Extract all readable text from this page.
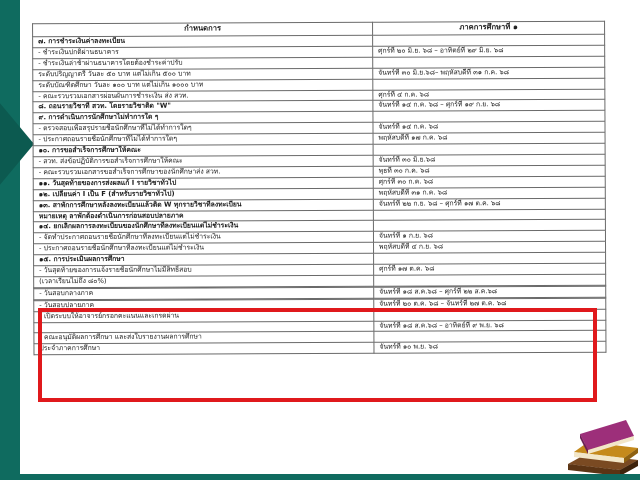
กำหนดการ	ภาคการศึกษาที่ ๑
๗. การชำระเงินค่าลงทะเบียน	
- ชำระเงินปกติผ่านธนาคาร	ศุกร์ที่ ๒๐ มิ.ย. ๖๘ – อาทิตย์ที่ ๒๙ มิ.ย. ๖๘
- ชำระเงินล่าช้าผ่านธนาคารโดยต้องชำระค่าปรับ	
ระดับปริญญาตรี วันละ ๕๐ บาท แต่ไม่เกิน ๕๐๐ บาท	จันทร์ที่ ๓๐ มิ.ย.๖๘– พฤหัสบดีที่ ๓๑ ก.ค. ๖๘
ระดับบัณฑิตศึกษา วันละ ๑๐๐ บาท แต่ไม่เกิน ๑๐๐๐ บาท	
- คณะรวบรวมเอกสารผ่อนผันการชำระเงิน ส่ง สวท.	ศุกร์ที่ ๔ ก.ค. ๖๘
๘. ถอนรายวิชาที่ สวท. โดยรายวิชาติด "W"	จันทร์ที่ ๑๔ ก.ค. ๖๘ – ศุกร์ที่ ๑๙ ก.ย. ๖๘
๙. การดำเนินการนักศึกษาไม่ทำการใด ๆ	
- ตรวจสอบเพื่อสรุปรายชื่อนักศึกษาที่ไม่ได้ทำการใดๆ	จันทร์ที่ ๑๔ ก.ค. ๖๘
- ประกาศถอนรายชื่อนักศึกษาที่ไม่ได้ทำการใดๆ	พฤหัสบดีที่ ๑๗ ก.ค. ๖๘
๑๐. การขอสำเร็จการศึกษาให้คณะ	
- สวท. ส่งข้อปฏิบัติการขอสำเร็จการศึกษาให้คณะ	จันทร์ที่ ๓๐ มิ.ย.๖๘
- คณะรวบรวมเอกสารขอสำเร็จการศึกษาของนักศึกษาส่ง สวท.	พุธที่ ๓๐ ก.ค. ๖๘
๑๑. วันสุดท้ายของการส่งผลแก้ I รายวิชาทั่วไป	ศุกร์ที่ ๓๐ ก.ค. ๖๘
๑๒. เปลี่ยนค่า I เป็น F (สำหรับรายวิชาทั่วไป)	พฤหัสบดีที่ ๓๑ ก.ค. ๖๘
๑๓. สาพักการศึกษาหลังลงทะเบียนแล้วติด W ทุกรายวิชาที่ลงทะเบียน	จันทร์ที่ ๒๒ ก.ย. ๖๘ – ศุกร์ที่ ๑๗ ต.ค. ๖๘
หมายเหตุ ลาพักต้องดำเนินการก่อนสอบปลายภาค	
๑๔. ยกเลิกผลการลงทะเบียนของนักศึกษาที่ลงทะเบียนแต่ไม่ชำระเงิน	
- จัดทำประกาศถอนรายชื่อนักศึกษาที่ลงทะเบียนแต่ไม่ชำระเงิน	จันทร์ที่ ๑ ก.ย. ๖๘
- ประกาศถอนรายชื่อนักศึกษาที่ลงทะเบียนแต่ไม่ชำระเงิน	พฤหัสบดีที่ ๔ ก.ย. ๖๘
๑๕. การประเมินผลการศึกษา	
- วันสุดท้ายของการแจ้งรายชื่อนักศึกษาไม่มีสิทธิ์สอบ	ศุกร์ที่ ๑๗ ต.ค. ๖๘
(เวลาเรียนไม่ถึง ๘๐%)	

- วันสอบกลางภาค	จันทร์ที่ ๑๘ ส.ค.๖๘ – ศุกร์ที่ ๒๒ ส.ค.๖๘

- วันสอบปลายภาค	จันทร์ที่ ๒๐ ต.ค. ๖๘ – จันทร์ที่ ๒๗ ต.ค. ๖๘
- เปิดระบบให้อาจารย์กรอกคะแนนและเกรดผ่าน	
	จันทร์ที่ ๑๘ ส.ค.๖๘ – อาทิตย์ที่ ๙ พ.ย. ๖๘
- คณะอนุมัติผลการศึกษา และส่งใบรายงานผลการศึกษา	
ประจำภาคการศึกษา	จันทร์ที่ ๑๐ พ.ย. ๖๘
